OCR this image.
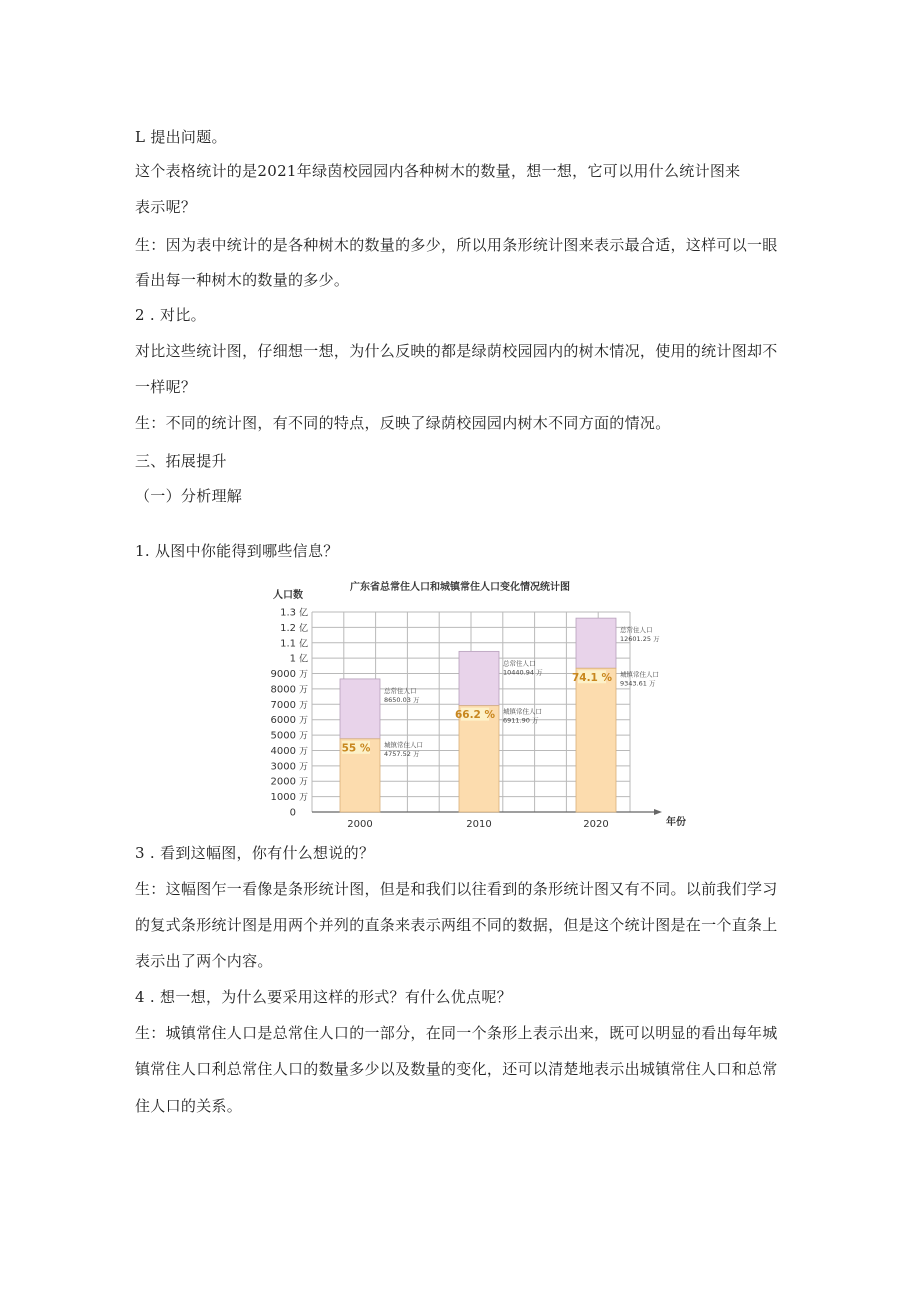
L 提出问题。
这个表格统计的是2021年绿茵校园园内各种树木的数量，想一想，它可以用什么统计图来
表示呢？
生：因为表中统计的是各种树木的数量的多少，所以用条形统计图来表示最合适，这样可以一眼
看出每一种树木的数量的多少。
2 . 对比。
对比这些统计图，仔细想一想，为什么反映的都是绿荫校园园内的树木情况，使用的统计图却不
一样呢？
生：不同的统计图，有不同的特点，反映了绿荫校园园内树木不同方面的情况。
三、拓展提升
（一）分析理解
1. 从图中你能得到哪些信息？
广东省总常住人口和城镇常住人口变化情况统计图
人口数
0
1000 万
2000 万
3000 万
4000 万
5000 万
6000 万
7000 万
8000 万
9000 万
1 亿
1.1 亿
1.2 亿
1.3 亿
年份
55 %
2000
总常住人口
8650.03 万
城镇常住人口
4757.52 万
66.2 %
2010
总常住人口
10440.94 万
城镇常住人口
6911.90 万
74.1 %
2020
总常住人口
12601.25 万
城镇常住人口
9343.61 万
3 . 看到这幅图，你有什么想说的？
生：这幅图乍一看像是条形统计图，但是和我们以往看到的条形统计图又有不同。以前我们学习
的复式条形统计图是用两个并列的直条来表示两组不同的数据，但是这个统计图是在一个直条上
表示出了两个内容。
4 . 想一想，为什么要采用这样的形式？有什么优点呢？
生：城镇常住人口是总常住人口的一部分，在同一个条形上表示出来，既可以明显的看出每年城
镇常住人口利总常住人口的数量多少以及数量的变化，还可以清楚地表示出城镇常住人口和总常
住人口的关系。
